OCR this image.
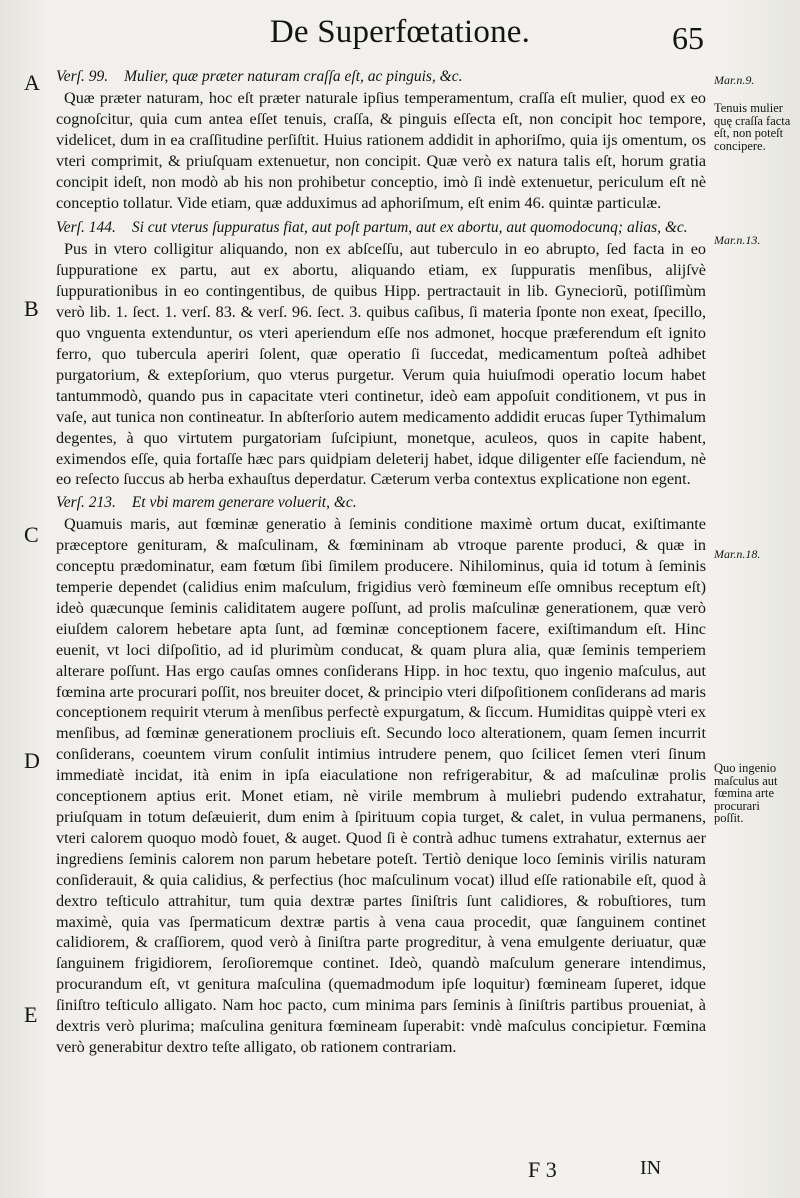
De Superfœtatione.	65
A
B
C
D
E

Verſ. 99. Mulier, quæ præter naturam craſſa eſt, ac pinguis, &c.

Quæ præter naturam, hoc eſt præter naturale ipſius temperamentum, craſſa eſt mulier, quod ex eo cognoſcitur, quia cum antea eſſet tenuis, craſſa, & pinguis eſſecta eſt, non concipit hoc tempore, videlicet, dum in ea craſſitudine perſiſtit. Huius rationem addidit in aphoriſmo, quia ijs omentum, os vteri comprimit, & priuſquam extenuetur, non concipit. Quæ verò ex natura talis eſt, horum gratia concipit ideſt, non modò ab his non prohibetur conceptio, imò ſi indè extenuetur, periculum eſt nè conceptio tollatur. Vide etiam, quæ adduximus ad aphoriſmum, eſt enim 46. quintæ particulæ.

Verſ. 144. Si cut vterus ſuppuratus fiat, aut poſt partum, aut ex abortu, aut quomodocunq; alias, &c.

Pus in vtero colligitur aliquando, non ex abſceſſu, aut tuberculo in eo abrupto, ſed facta in eo ſuppuratione ex partu, aut ex abortu, aliquando etiam, ex ſuppuratis menſibus, alijſvè ſuppurationibus in eo contingentibus, de quibus Hipp. pertractauit in lib. Gyneciorũ, potiſſimùm verò lib. 1. ſect. 1. verſ. 83. & verſ. 96. ſect. 3. quibus caſibus, ſi materia ſponte non exeat, ſpecillo, quo vnguenta extenduntur, os vteri aperiendum eſſe nos admonet, hocque præferendum eſt ignito ferro, quo tubercula aperiri ſolent, quæ operatio ſi ſuccedat, medicamentum poſteà adhibet purgatorium, & extерſorium, quo vterus purgetur. Verum quia huiuſmodi operatio locum habet tantummodò, quando pus in capacitate vteri continetur, ideò eam appoſuit conditionem, vt pus in vaſe, aut tunica non contineatur. In abſterſorio autem medicamento addidit erucas ſuper Tythimalum degentes, à quo virtutem purgatoriam ſuſcipiunt, monetque, aculeos, quos in capite habent, eximendos eſſe, quia fortaſſe hæc pars quidpiam deleterij habet, idque diligenter eſſe faciendum, nè eo reſecto ſuccus ab herba exhauſtus deperdatur. Cæterum verba contextus explicatione non egent.

Verſ. 213. Et vbi marem generare voluerit, &c.

Quamuis maris, aut fœminæ generatio à ſeminis conditione maximè ortum ducat, exiſtimante præceptore genituram, & maſculinam, & fœmininam ab vtroque parente produci, & quæ in conceptu prædominatur, eam fœtum ſibi ſimilem producere. Nihilominus, quia id totum à ſeminis temperie dependet (calidius enim maſculum, frigidius verò fœmineum eſſe omnibus receptum eſt) ideò quæcunque ſeminis caliditatem augere poſſunt, ad prolis maſculinæ generationem, quæ verò eiuſdem calorem hebetare apta ſunt, ad fœminæ conceptionem facere, exiſtimandum eſt. Hinc euenit, vt loci diſpoſitio, ad id plurimùm conducat, & quam plura alia, quæ ſeminis temperiem alterare poſſunt. Has ergo cauſas omnes conſiderans Hipp. in hoc textu, quo ingenio maſculus, aut fœmina arte procurari poſſit, nos breuiter docet, & principio vteri diſpoſitionem conſiderans ad maris conceptionem requirit vterum à menſibus perfectè expurgatum, & ſiccum. Humiditas quippè vteri ex menſibus, ad fœminæ generationem procliuis eſt. Secundo loco alterationem, quam ſemen incurrit conſiderans, coeuntem virum conſulit intimius intrudere penem, quo ſcilicet ſemen vteri ſinum immediatè incidat, ità enim in ipſa eiaculatione non refrigerabitur, & ad maſculinæ prolis conceptionem aptius erit. Monet etiam, nè virile membrum à muliebri pudendo extrahatur, priuſquam in totum deſæuierit, dum enim à ſpirituum copia turget, & calet, in vulua permanens, vteri calorem quoquo modò fouet, & auget. Quod ſi è contrà adhuc tumens extrahatur, externus aer ingrediens ſeminis calorem non parum hebetare poteſt. Tertiò denique loco ſeminis virilis naturam conſiderauit, & quia calidius, & perfectius (hoc maſculinum vocat) illud eſſe rationabile eſt, quod à dextro teſticulo attrahitur, tum quia dextræ partes ſiniſtris ſunt calidiores, & robuſtiores, tum maximè, quia vas ſpermaticum dextræ partis à vena caua procedit, quæ ſanguinem continet calidiorem, & craſſiorem, quod verò à ſiniſtra parte progreditur, à vena emulgente deriuatur, quæ ſanguinem frigidiorem, ſeroſioremque continet. Ideò, quandò maſculum generare intendimus, procurandum eſt, vt genitura maſculina (quemadmodum ipſe loquitur) fœmineam ſuperet, idque ſiniſtro teſticulo alligato. Nam hoc pacto, cum minima pars ſeminis à ſiniſtris partibus proueniat, à dextris verò plurima; maſculina genitura fœmineam ſuperabit: vndè maſculus concipietur. Fœmina verò generabitur dextro teſte alligato, ob rationem contrariam.

Mar.n.9.
Tenuis mulier quę craſſa facta eſt, non poteſt concipere.
Mar.n.13.
Mar.n.18.
Quo ingenio maſculus aut fœmina arte procurari poſſit.
F 3	IN
